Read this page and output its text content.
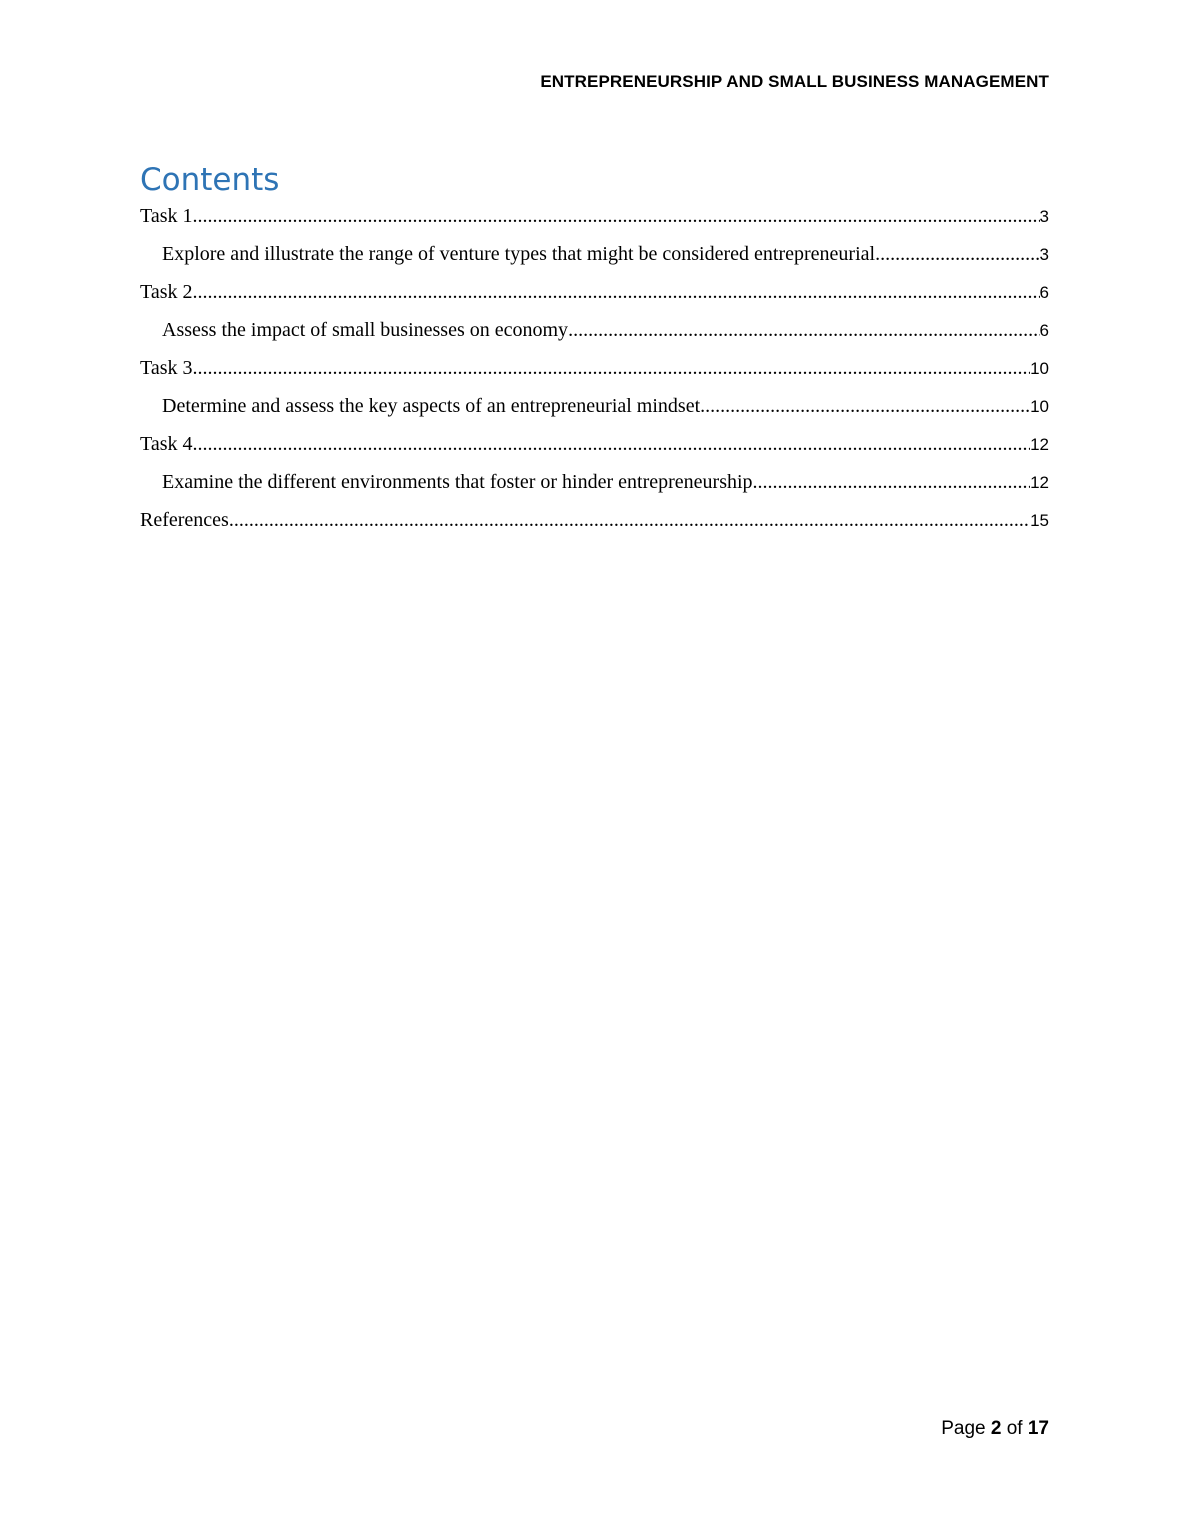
ENTREPRENEURSHIP AND SMALL BUSINESS MANAGEMENT
Contents
Task 1 .....	3
Explore and illustrate the range of venture types that might be considered entrepreneurial .....	3
Task 2 .....	6
Assess the impact of small businesses on economy .....	6
Task 3 .....	10
Determine and assess the key aspects of an entrepreneurial mindset .....	10
Task 4 .....	12
Examine the different environments that foster or hinder entrepreneurship .....	12
References .....	15
Page 2 of 17
